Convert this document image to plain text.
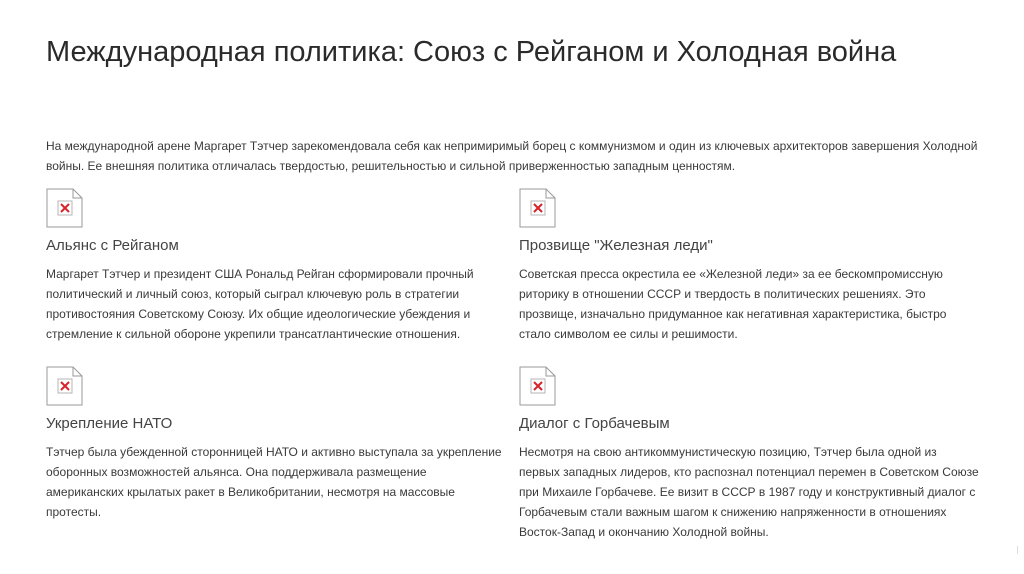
Международная политика: Союз с Рейганом и Холодная война

На международной арене Маргарет Тэтчер зарекомендовала себя как непримиримый борец с коммунизмом и один из ключевых архитекторов завершения Холодной войны. Ее внешняя политика отличалась твердостью, решительностью и сильной приверженностью западным ценностям.

Альянс с Рейганом

Маргарет Тэтчер и президент США Рональд Рейган сформировали прочный политический и личный союз, который сыграл ключевую роль в стратегии противостояния Советскому Союзу. Их общие идеологические убеждения и стремление к сильной обороне укрепили трансатлантические отношения.

Прозвище "Железная леди"

Советская пресса окрестила ее «Железной леди» за ее бескомпромиссную риторику в отношении СССР и твердость в политических решениях. Это прозвище, изначально придуманное как негативная характеристика, быстро стало символом ее силы и решимости.

Укрепление НАТО

Тэтчер была убежденной сторонницей НАТО и активно выступала за укрепление оборонных возможностей альянса. Она поддерживала размещение американских крылатых ракет в Великобритании, несмотря на массовые протесты.

Диалог с Горбачевым

Несмотря на свою антикоммунистическую позицию, Тэтчер была одной из первых западных лидеров, кто распознал потенциал перемен в Советском Союзе при Михаиле Горбачеве. Ее визит в СССР в 1987 году и конструктивный диалог с Горбачевым стали важным шагом к снижению напряженности в отношениях Восток-Запад и окончанию Холодной войны.
